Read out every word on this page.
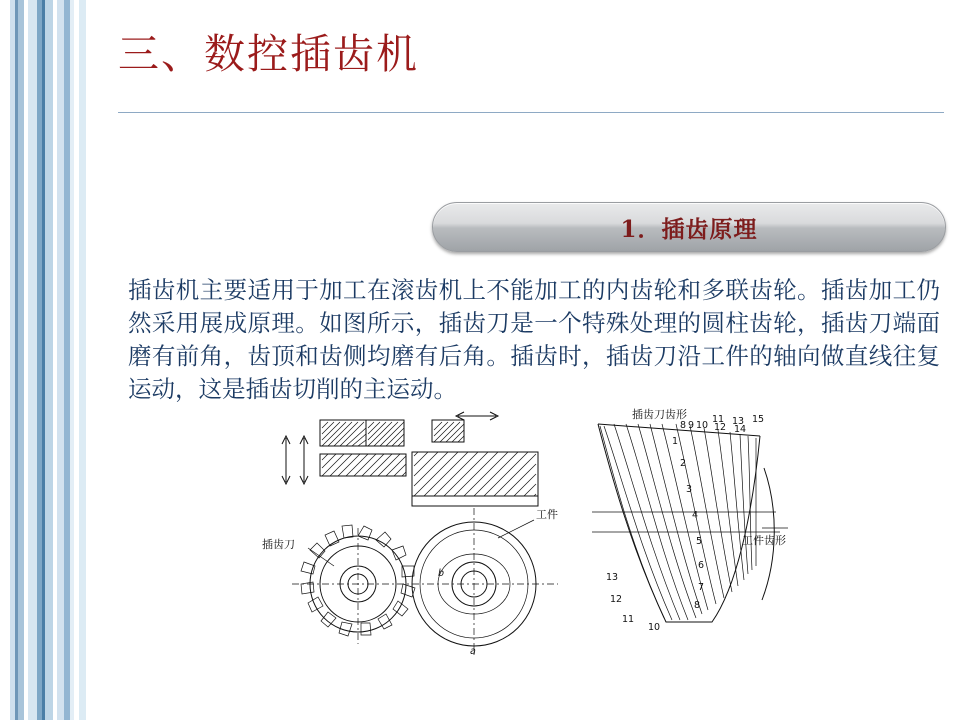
三、数控插齿机
1．插齿原理
插齿机主要适用于加工在滚齿机上不能加工的内齿轮和多联齿轮。插齿加工仍然采用展成原理。如图所示，插齿刀是一个特殊处理的圆柱齿轮，插齿刀端面磨有前角，齿顶和齿侧均磨有后角。插齿时，插齿刀沿工件的轴向做直线往复运动，这是插齿切削的主运动。
插齿刀
工件
a
b
插齿刀齿形
工件齿形
8 9 10
11
12
13
14
15
1
2
3
4
5
6
7
8
13
12
11
10
